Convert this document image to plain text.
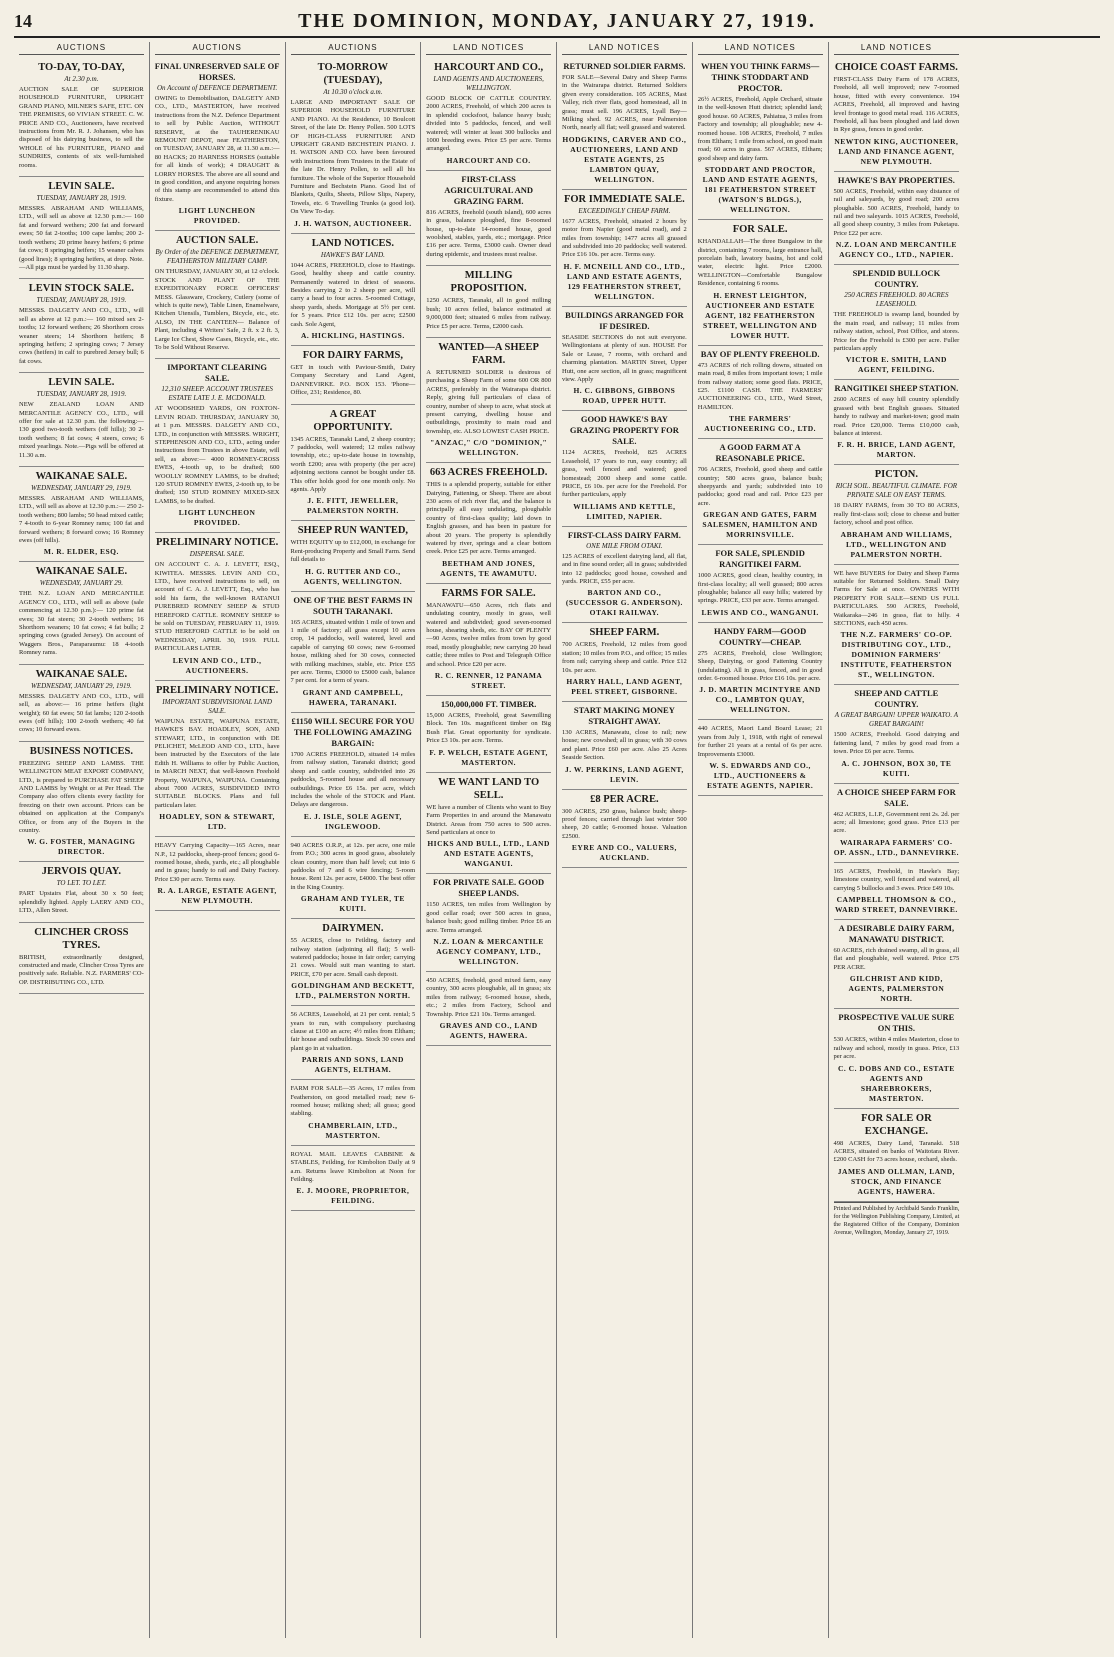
14	THE DOMINION, MONDAY, JANUARY 27, 1919.
AUCTIONS
TO-DAY, TO-DAY,
At 2.30 p.m.
AUCTION SALE OF SUPERIOR HOUSEHOLD FURNITURE, UPRIGHT GRAND PIANO, MILNER'S SAFE, ETC. ON THE PREMISES, 60 VIVIAN STREET. C. W. PRICE AND CO., Auctioneers, have received instructions from Mr. R. J. Johansen, who has disposed of his dairying business, to sell the WHOLE of his FURNITURE, PIANO and SUNDRIES, contents of six well-furnished rooms.
LEVIN SALE.
TUESDAY, JANUARY 28, 1919.
MESSRS. ABRAHAM AND WILLIAMS, LTD., will sell as above at 12.30 p.m.:— 160 fat and forward wethers; 200 fat and forward ewes; 50 fat 2-tooths; 100 cape lambs; 200 2-tooth wethers; 20 prime heavy heifers; 6 prime fat cows; 8 springing heifers; 15 weaner calves (good lines); 8 springing heifers, at drop. Note.—All pigs must be yarded by 11.30 sharp.
LEVIN STOCK SALE.
TUESDAY, JANUARY 28, 1919.
MESSRS. DALGETY AND CO., LTD., will sell as above at 12 p.m.:— 160 mixed sex 2-tooths; 12 forward wethers; 26 Shorthorn cross weaner steers; 14 Shorthorn heifers; 8 springing heifers; 2 springing cows; 7 Jersey cows (heifers) in calf to purebred Jersey bull; 6 fat cows.
LEVIN SALE.
TUESDAY, JANUARY 28, 1919.
NEW ZEALAND LOAN AND MERCANTILE AGENCY CO., LTD., will offer for sale at 12.30 p.m. the following:— 130 good two-tooth wethers (off hills); 30 2-tooth wethers; 8 fat cows; 4 steers, cows; 6 mixed yearlings. Note.—Pigs will be offered at 11.30 a.m.
WAIKANAE SALE.
WEDNESDAY, JANUARY 29, 1919.
MESSRS. ABRAHAM AND WILLIAMS, LTD., will sell as above at 12.30 p.m.:— 250 2-tooth wethers; 800 lambs; 50 head mixed cattle; 7 4-tooth to 6-year Romney rams; 100 fat and forward wethers; 8 forward cows; 16 Romney ewes (off hills).
M. R. ELDER, ESQ.
WAIKANAE SALE.
WEDNESDAY, JANUARY 29.
THE N.Z. LOAN AND MERCANTILE AGENCY CO., LTD., will sell as above (sale commencing at 12.30 p.m.):— 120 prime fat ewes; 30 fat steers; 30 2-tooth wethers; 16 Shorthorn weaners; 10 fat cows; 4 fat bulls; 2 springing cows (graded Jersey). On account of Waggers Bros., Paraparaumu: 18 4-tooth Romney rams.
WAIKANAE SALE.
WEDNESDAY, JANUARY 29, 1919.
MESSRS. DALGETY AND CO., LTD., will sell, as above:— 16 prime heifers (light weight); 60 fat ewes; 50 fat lambs; 120 2-tooth ewes (off hills); 100 2-tooth wethers; 40 fat cows; 10 forward ewes.
BUSINESS NOTICES.
FREEZING SHEEP AND LAMBS. THE WELLINGTON MEAT EXPORT COMPANY, LTD., is prepared to PURCHASE FAT SHEEP AND LAMBS by Weight or at Per Head. The Company also offers clients every facility for freezing on their own account. Prices can be obtained on application at the Company's Office, or from any of the Buyers in the country.
W. G. FOSTER, MANAGING DIRECTOR.
JERVOIS QUAY.
TO LET. TO LET.
PART Upstairs Flat, about 30 x 50 feet; splendidly lighted. Apply LAERY AND CO., LTD., Allen Street.
CLINCHER CROSS TYRES.
BRITISH, extraordinarily designed, constructed and made, Clincher Cross Tyres are positively safe. Reliable. N.Z. FARMERS' CO-OP. DISTRIBUTING CO., LTD.
AUCTIONS
FINAL UNRESERVED SALE OF HORSES.
On Account of DEFENCE DEPARTMENT.
OWING to Demobilisation, DALGETY AND CO., LTD., MASTERTON, have received instructions from the N.Z. Defence Department to sell by Public Auction, WITHOUT RESERVE, at the TAUHERENIKAU REMOUNT DEPOT, near FEATHERSTON, on TUESDAY, JANUARY 28, at 11.30 a.m.:— 80 HACKS; 20 HARNESS HORSES (suitable for all kinds of work); 4 DRAUGHT & LORRY HORSES. The above are all sound and in good condition, and anyone requiring horses of this stamp are recommended to attend this fixture.
LIGHT LUNCHEON PROVIDED.
AUCTION SALE.
By Order of the DEFENCE DEPARTMENT, FEATHERSTON MILITARY CAMP.
ON THURSDAY, JANUARY 30, at 12 o'clock. STOCK AND PLANT OF THE EXPEDITIONARY FORCE OFFICERS' MESS. Glassware, Crockery, Cutlery (some of which is quite new), Table Linen, Enamelware, Kitchen Utensils, Tumblers, Bicycle, etc., etc. ALSO, IN THE CANTEEN— Balance of Plant, including 4 Writers' Safe, 2 ft. x 2 ft. 3, Large Ice Chest, Show Cases, Bicycle, etc., etc. To be Sold Without Reserve.
IMPORTANT CLEARING SALE.
12,310 SHEEP. ACCOUNT TRUSTEES ESTATE LATE J. E. MCDONALD.
AT WOODSHED YARDS, ON FOXTON-LEVIN ROAD. THURSDAY, JANUARY 30, at 1 p.m. MESSRS. DALGETY AND CO., LTD., in conjunction with MESSRS. WRIGHT, STEPHENSON AND CO., LTD., acting under instructions from Trustees in above Estate, will sell, as above:— 4000 ROMNEY-CROSS EWES, 4-tooth up, to be drafted; 600 WOOLLY ROMNEY LAMBS, to be drafted; 120 STUD ROMNEY EWES, 2-tooth up, to be drafted; 150 STUD ROMNEY MIXED-SEX LAMBS, to be drafted.
LIGHT LUNCHEON PROVIDED.
PRELIMINARY NOTICE.
DISPERSAL SALE.
ON ACCOUNT C. A. J. LEVETT, ESQ., KIWITEA. MESSRS. LEVIN AND CO., LTD., have received instructions to sell, on account of C. A. J. LEVETT, Esq., who has sold his farm, the well-known RATANUI PUREBRED ROMNEY SHEEP & STUD HEREFORD CATTLE. ROMNEY SHEEP to be sold on TUESDAY, FEBRUARY 11, 1919. STUD HEREFORD CATTLE to be sold on WEDNESDAY, APRIL 30, 1919. FULL PARTICULARS LATER.
LEVIN AND CO., LTD., AUCTIONEERS.
PRELIMINARY NOTICE.
IMPORTANT SUBDIVISIONAL LAND SALE.
WAIPUNA ESTATE, WAIPUNA ESTATE, HAWKE'S BAY. HOADLEY, SON, AND STEWART, LTD., in conjunction with DE PELICHET, McLEOD AND CO., LTD., have been instructed by the Executors of the late Edith H. Williams to offer by Public Auction, in MARCH NEXT, that well-known Freehold Property, WAIPUNA, WAIPUNA. Containing about 7000 ACRES, SUBDIVIDED INTO SUITABLE BLOCKS. Plans and full particulars later.
HOADLEY, SON & STEWART, LTD.
HEAVY Carrying Capacity—165 Acres, near N.P., 12 paddocks, sheep-proof fences; good 6-roomed house, sheds, yards, etc.; all ploughable and in grass; handy to rail and Dairy Factory. Price £30 per acre. Terms easy.
R. A. LARGE, ESTATE AGENT, NEW PLYMOUTH.
AUCTIONS
TO-MORROW (TUESDAY),
At 10.30 o'clock a.m.
LARGE AND IMPORTANT SALE OF SUPERIOR HOUSEHOLD FURNITURE AND PIANO. At the Residence, 10 Boulcott Street, of the late Dr. Henry Pollen. 500 LOTS OF HIGH-CLASS FURNITURE AND UPRIGHT GRAND BECHSTEIN PIANO. J. H. WATSON AND CO. have been favoured with instructions from Trustees in the Estate of the late Dr. Henry Pollen, to sell all his furniture. The whole of the Superior Household Furniture and Bechstein Piano. Good list of Blankets, Quilts, Sheets, Pillow Slips, Napery, Towels, etc. 6 Travelling Trunks (a good lot). On View To-day.
J. H. WATSON, AUCTIONEER.
LAND NOTICES.
HAWKE'S BAY LAND.
1044 ACRES, FREEHOLD, close to Hastings. Good, healthy sheep and cattle country. Permanently watered in driest of seasons. Besides carrying 2 to 2 sheep per acre, will carry a head to four acres. 5-roomed Cottage, sheep yards, sheds. Mortgage at 5½ per cent. for 5 years. Price £12 10s. per acre; £2500 cash. Sole Agent,
A. HICKLING, HASTINGS.
FOR DAIRY FARMS,
GET in touch with Paviour-Smith, Dairy Company Secretary and Land Agent, DANNEVIRKE. P.O. BOX 153. 'Phone—Office, 231; Residence, 80.
A GREAT OPPORTUNITY.
1345 ACRES, Taranaki Land, 2 sheep country; 7 paddocks, well watered; 12 miles railway township, etc.; up-to-date house in township, worth £200; area with property (the per acre) adjoining sections cannot be bought under £8. This offer holds good for one month only. No agents. Apply
J. E. FITT, JEWELLER, PALMERSTON NORTH.
SHEEP RUN WANTED,
WITH EQUITY up to £12,000, in exchange for Rent-producing Property and Small Farm. Send full details to
H. G. RUTTER AND CO., AGENTS, WELLINGTON.
ONE OF THE BEST FARMS IN SOUTH TARANAKI.
165 ACRES, situated within 1 mile of town and 1 mile of factory; all grass except 10 acres crop, 14 paddocks, well watered, level and capable of carrying 60 cows; new 6-roomed house, milking shed for 30 cows, connected with milking machines, stable, etc. Price £55 per acre. Terms, £3000 to £5000 cash, balance 7 per cent. for a term of years.
GRANT AND CAMPBELL, HAWERA, TARANAKI.
£1150 WILL SECURE FOR YOU THE FOLLOWING AMAZING BARGAIN:
1700 ACRES FREEHOLD, situated 14 miles from railway station, Taranaki district; good sheep and cattle country, subdivided into 26 paddocks, 5-roomed house and all necessary outbuildings. Price £6 15s. per acre, which includes the whole of the STOCK and Plant. Delays are dangerous.
E. J. ISLE, SOLE AGENT, INGLEWOOD.
940 ACRES O.R.P., at 12s. per acre, one mile from P.O.; 300 acres in good grass, absolutely clean country, more than half level; cut into 6 paddocks of 7 and 6 wire fencing; 5-room house. Rent 12s. per acre, £4000. The best offer in the King Country.
GRAHAM AND TYLER, TE KUITI.
DAIRYMEN.
55 ACRES, close to Feilding, factory and railway station (adjoining all flat); 5 well-watered paddocks; house in fair order; carrying 21 cows. Would suit man wanting to start. PRICE, £70 per acre. Small cash deposit.
GOLDINGHAM AND BECKETT, LTD., PALMERSTON NORTH.
56 ACRES, Leasehold, at 21 per cent. rental; 5 years to run, with compulsory purchasing clause at £100 an acre; 4½ miles from Eltham; fair house and outbuildings. Stock 30 cows and plant go in at valuation.
PARRIS AND SONS, LAND AGENTS, ELTHAM.
FARM FOR SALE—35 Acres, 17 miles from Featherston, on good metalled road; new 6-roomed house; milking shed; all grass; good stabling.
CHAMBERLAIN, LTD., MASTERTON.
ROYAL MAIL LEAVES CABBINE & STABLES, Feilding, for Kimbolton Daily at 9 a.m. Returns leave Kimbolton at Noon for Feilding.
E. J. MOORE, PROPRIETOR, FEILDING.
LAND NOTICES
HARCOURT AND CO.,
LAND AGENTS AND AUCTIONEERS, WELLINGTON.
GOOD BLOCK OF CATTLE COUNTRY. 2000 ACRES, Freehold, of which 200 acres is in splendid cocksfoot, balance heavy bush; divided into 5 paddocks, fenced, and well watered; will winter at least 300 bullocks and 1000 breeding ewes. Price £5 per acre. Terms arranged.
HARCOURT AND CO.
FIRST-CLASS AGRICULTURAL AND GRAZING FARM.
816 ACRES, freehold (south island), 600 acres in grass, balance ploughed, fine 8-roomed house, up-to-date 14-roomed house, good woolshed, stables, yards, etc.; mortgage. Price £16 per acre. Terms, £3000 cash. Owner dead during epidemic, and trustees must realise.
MILLING PROPOSITION.
1250 ACRES, Taranaki, all in good milling bush; 10 acres felled, balance estimated at 9,000,000 feet; situated 6 miles from railway. Price £5 per acre. Terms, £2000 cash.
WANTED—A SHEEP FARM.
A RETURNED SOLDIER is desirous of purchasing a Sheep Farm of some 600 OR 800 ACRES, preferably in the Wairarapa district. Reply, giving full particulars of class of country, number of sheep to acre, what stock at present carrying, dwelling house and outbuildings, proximity to main road and township, etc. ALSO LOWEST CASH PRICE.
"ANZAC," C/O "DOMINION," WELLINGTON.
663 ACRES FREEHOLD.
THIS is a splendid property, suitable for either Dairying, Fattening, or Sheep. There are about 230 acres of rich river flat, and the balance is principally all easy undulating, ploughable country of first-class quality; laid down in English grasses, and has been in pasture for about 20 years. The property is splendidly watered by river, springs and a clear bottom creek. Price £25 per acre. Terms arranged.
BEETHAM AND JONES, AGENTS, TE AWAMUTU.
FARMS FOR SALE.
MANAWATU—650 Acres, rich flats and undulating country, mostly in grass, well watered and subdivided; good seven-roomed house, shearing sheds, etc. BAY OF PLENTY—90 Acres, twelve miles from town by good road, mostly ploughable; new carrying 20 head cattle; three miles to Post and Telegraph Office and school. Price £20 per acre.
R. C. RENNER, 12 PANAMA STREET.
150,000,000 FT. TIMBER.
15,000 ACRES, Freehold, great Sawmilling Block. Ten 10s. magnificent timber on Big Bush Flat. Great opportunity for syndicate. Price £3 10s. per acre. Terms.
F. P. WELCH, ESTATE AGENT, MASTERTON.
WE WANT LAND TO SELL.
WE have a number of Clients who want to Buy Farm Properties in and around the Manawatu District. Areas from 750 acres to 500 acres. Send particulars at once to
HICKS AND BULL, LTD., LAND AND ESTATE AGENTS, WANGANUI.
FOR PRIVATE SALE. GOOD SHEEP LANDS.
1150 ACRES, ten miles from Wellington by good cellar road; over 500 acres in grass, balance bush; good milling timber. Price £6 an acre. Terms arranged.
N.Z. LOAN & MERCANTILE AGENCY COMPANY, LTD., WELLINGTON.
450 ACRES, freehold, good mixed farm, easy country, 300 acres ploughable, all in grass; six miles from railway; 6-roomed house, sheds, etc.; 2 miles from Factory, School and Township. Price £21 10s. Terms arranged.
GRAVES AND CO., LAND AGENTS, HAWERA.
LAND NOTICES
RETURNED SOLDIER FARMS.
FOR SALE—Several Dairy and Sheep Farms in the Wairarapa district. Returned Soldiers given every consideration. 105 ACRES, Mast Valley, rich river flats, good homestead, all in grass; must sell. 196 ACRES, Lyall Bay—Milking shed. 92 ACRES, near Palmerston North, nearly all flat; well grassed and watered.
HODGKINS, CARVER AND CO., AUCTIONEERS, LAND AND ESTATE AGENTS, 25 LAMBTON QUAY, WELLINGTON.
FOR IMMEDIATE SALE.
EXCEEDINGLY CHEAP FARM.
1677 ACRES, Freehold, situated 2 hours by motor from Napier (good metal road), and 2 miles from township; 1477 acres all grassed and subdivided into 20 paddocks; well watered. Price £16 10s. per acre. Terms easy.
H. F. MCNEILL AND CO., LTD., LAND AND ESTATE AGENTS, 129 FEATHERSTON STREET, WELLINGTON.
BUILDINGS ARRANGED FOR IF DESIRED.
SEASIDE SECTIONS do not suit everyone. Wellingtonians at plenty of sun. HOUSE For Sale or Lease, 7 rooms, with orchard and charming plantation. MARTIN Street, Upper Hutt, one acre section, all in grass; magnificent view. Apply
H. C. GIBBONS, GIBBONS ROAD, UPPER HUTT.
GOOD HAWKE'S BAY GRAZING PROPERTY FOR SALE.
1124 ACRES, Freehold, 825 ACRES Leasehold, 17 years to run, easy country; all grass, well fenced and watered; good homestead; 2000 sheep and some cattle. PRICE, £6 10s. per acre for the Freehold. For further particulars, apply
WILLIAMS AND KETTLE, LIMITED, NAPIER.
FIRST-CLASS DAIRY FARM.
ONE MILE FROM OTAKI.
125 ACRES of excellent dairying land, all flat, and in fine sound order; all in grass; subdivided into 12 paddocks; good house, cowshed and yards. PRICE, £55 per acre.
BARTON AND CO., (SUCCESSOR G. ANDERSON). OTAKI RAILWAY.
SHEEP FARM.
700 ACRES, Freehold, 12 miles from good station; 10 miles from P.O., and office; 15 miles from rail; carrying sheep and cattle. Price £12 10s. per acre.
HARRY HALL, LAND AGENT, PEEL STREET, GISBORNE.
START MAKING MONEY STRAIGHT AWAY.
130 ACRES, Manawatu, close to rail; new house; new cowshed; all in grass; with 30 cows and plant. Price £60 per acre. Also 25 Acres Seaside Section.
J. W. PERKINS, LAND AGENT, LEVIN.
£8 PER ACRE.
300 ACRES, 250 grass, balance bush; sheep-proof fences; carried through last winter 500 sheep, 20 cattle; 6-roomed house. Valuation £2500.
EYRE AND CO., VALUERS, AUCKLAND.
LAND NOTICES
WHEN YOU THINK FARMS—THINK STODDART AND PROCTOR.
26½ ACRES, Freehold, Apple Orchard, situate in the well-known Hutt district; splendid land; good house. 60 ACRES, Pahiatua, 3 miles from Factory and township; all ploughable; new 4-roomed house. 108 ACRES, Freehold, 7 miles from Eltham; 1 mile from school, on good main road; 60 acres in grass. 567 ACRES, Eltham; good sheep and dairy farm.
STODDART AND PROCTOR, LAND AND ESTATE AGENTS, 181 FEATHERSTON STREET (WATSON'S BLDGS.), WELLINGTON.
FOR SALE.
KHANDALLAH—The three Bungalow in the district, containing 7 rooms, large entrance hall, porcelain bath, lavatory basins, hot and cold water, electric light. Price £2000. WELLINGTON—Comfortable Bungalow Residence, containing 6 rooms.
H. ERNEST LEIGHTON, AUCTIONEER AND ESTATE AGENT, 182 FEATHERSTON STREET, WELLINGTON AND LOWER HUTT.
BAY OF PLENTY FREEHOLD.
473 ACRES of rich rolling downs, situated on main road, 8 miles from important town; 1 mile from railway station; some good flats. PRICE, £25. £1100 CASH. THE FARMERS' AUCTIONEERING CO., LTD., Ward Street, HAMILTON.
THE FARMERS' AUCTIONEERING CO., LTD.
A GOOD FARM AT A REASONABLE PRICE.
706 ACRES, Freehold, good sheep and cattle country; 580 acres grass, balance bush; sheepyards and yards; subdivided into 10 paddocks; good road and rail. Price £23 per acre.
GREGAN AND GATES, FARM SALESMEN, HAMILTON AND MORRINSVILLE.
FOR SALE, SPLENDID RANGITIKEI FARM.
1000 ACRES, good clean, healthy country, in first-class locality; all well grassed; 800 acres ploughable; balance all easy hills; watered by springs. PRICE, £33 per acre. Terms arranged.
LEWIS AND CO., WANGANUI.
HANDY FARM—GOOD COUNTRY—CHEAP.
275 ACRES, Freehold, close Wellington; Sheep, Dairying, or good Fattening Country (undulating). All in grass, fenced, and in good order. 6-roomed house. Price £16 10s. per acre.
J. D. MARTIN MCINTYRE AND CO., LAMBTON QUAY, WELLINGTON.
440 ACRES, Maori Land Board Lease; 21 years from July 1, 1918, with right of renewal for further 21 years at a rental of 6s per acre. Improvements £3000.
W. S. EDWARDS AND CO., LTD., AUCTIONEERS & ESTATE AGENTS, NAPIER.
LAND NOTICES
CHOICE COAST FARMS.
FIRST-CLASS Dairy Farm of 178 ACRES, Freehold, all well improved; new 7-roomed house, fitted with every convenience. 194 ACRES, Freehold, all improved and having level frontage to good metal road. 116 ACRES, Freehold, all has been ploughed and laid down in Rye grass, fences in good order.
NEWTON KING, AUCTIONEER, LAND AND FINANCE AGENT, NEW PLYMOUTH.
HAWKE'S BAY PROPERTIES.
500 ACRES, Freehold, within easy distance of rail and saleyards, by good road; 200 acres ploughable. 500 ACRES, Freehold, handy to rail and two saleyards. 1015 ACRES, Freehold, all good sheep country, 3 miles from Puketapu. Price £22 per acre.
N.Z. LOAN AND MERCANTILE AGENCY CO., LTD., NAPIER.
SPLENDID BULLOCK COUNTRY.
250 ACRES FREEHOLD. 80 ACRES LEASEHOLD.
THE FREEHOLD is swamp land, bounded by the main road, and railway; 11 miles from railway station, school, Post Office, and stores. Price for the Freehold is £300 per acre. Fuller particulars apply
VICTOR E. SMITH, LAND AGENT, FEILDING.
RANGITIKEI SHEEP STATION.
2600 ACRES of easy hill country splendidly grassed with best English grasses. Situated handy to railway and market-town; good main road. Price £20,000. Terms £10,000 cash, balance at interest.
F. R. H. BRICE, LAND AGENT, MARTON.
PICTON.
RICH SOIL. BEAUTIFUL CLIMATE. FOR PRIVATE SALE ON EASY TERMS.
18 DAIRY FARMS, from 30 TO 80 ACRES, really first-class soil; close to cheese and butter factory, school and post office.
ABRAHAM AND WILLIAMS, LTD., WELLINGTON AND PALMERSTON NORTH.
WE have BUYERS for Dairy and Sheep Farms suitable for Returned Soldiers. Small Dairy Farms for Sale at once. OWNERS WITH PROPERTY FOR SALE—SEND US FULL PARTICULARS. 590 ACRES, Freehold, Waikaraka—246 in grass, flat to hilly. 4 SECTIONS, each 450 acres.
THE N.Z. FARMERS' CO-OP. DISTRIBUTING COY., LTD., DOMINION FARMERS' INSTITUTE, FEATHERSTON ST., WELLINGTON.
SHEEP AND CATTLE COUNTRY.
A GREAT BARGAIN! UPPER WAIKATO. A GREAT BARGAIN!
1500 ACRES, Freehold. Good dairying and fattening land, 7 miles by good road from a town. Price £6 per acre. Terms.
A. C. JOHNSON, BOX 30, TE KUITI.
A CHOICE SHEEP FARM FOR SALE.
462 ACRES, L.I.P., Government rent 2s. 2d. per acre; all limestone; good grass. Price £13 per acre.
WAIRARAPA FARMERS' CO-OP. ASSN., LTD., DANNEVIRKE.
165 ACRES, Freehold, in Hawke's Bay; limestone country, well fenced and watered, all carrying 5 bullocks and 3 ewes. Price £49 10s.
CAMPBELL THOMSON & CO., WARD STREET, DANNEVIRKE.
A DESIRABLE DAIRY FARM, MANAWATU DISTRICT.
60 ACRES, rich drained swamp, all in grass, all flat and ploughable, well watered. Price £75 PER ACRE.
GILCHRIST AND KIDD, AGENTS, PALMERSTON NORTH.
PROSPECTIVE VALUE SURE ON THIS.
530 ACRES, within 4 miles Masterton, close to railway and school, mostly in grass. Price, £13 per acre.
C. C. DOBS AND CO., ESTATE AGENTS AND SHAREBROKERS, MASTERTON.
FOR SALE OR EXCHANGE.
498 ACRES, Dairy Land, Taranaki. 518 ACRES, situated on banks of Waitotara River. £200 CASH for 73 acres house, orchard, sheds.
JAMES AND OLLMAN, LAND, STOCK, AND FINANCE AGENTS, HAWERA.
Printed and Published by Archibald Sando Franklin, for the Wellington Publishing Company, Limited, at the Registered Office of the Company, Dominion Avenue, Wellington, Monday, January 27, 1919.
